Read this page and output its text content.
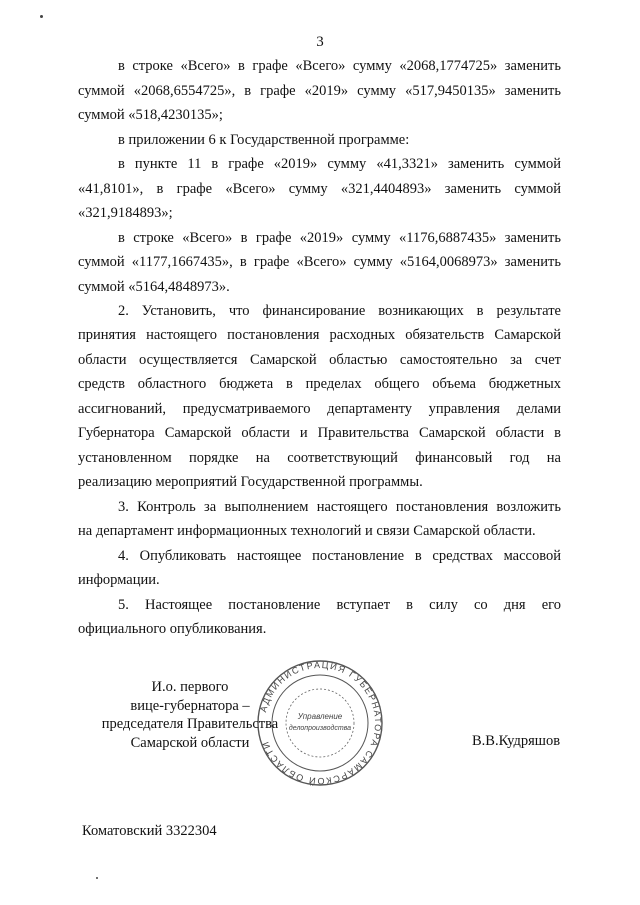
3
в строке «Всего» в графе «Всего» сумму «2068,1774725» заменить
суммой «2068,6554725», в графе «2019» сумму «517,9450135» заменить
суммой «518,4230135»;
в приложении 6 к Государственной программе:
в пункте 11 в графе «2019» сумму «41,3321» заменить суммой
«41,8101», в графе «Всего» сумму «321,4404893» заменить суммой
«321,9184893»;
в строке «Всего» в графе «2019» сумму «1176,6887435» заменить
суммой «1177,1667435», в графе «Всего» сумму «5164,0068973» заменить
суммой «5164,4848973».
2. Установить, что финансирование возникающих в результате
принятия настоящего постановления расходных обязательств Самарской
области осуществляется Самарской областью самостоятельно за счет
средств областного бюджета в пределах общего объема бюджетных
ассигнований, предусматриваемого департаменту управления делами
Губернатора Самарской области и Правительства Самарской области в
установленном порядке на соответствующий финансовый год на
реализацию мероприятий Государственной программы.
3. Контроль за выполнением настоящего постановления возложить
на департамент информационных технологий и связи Самарской области.
4. Опубликовать настоящее постановление в средствах массовой
информации.
5. Настоящее постановление вступает в силу со дня его
официального опубликования.
АДМИНИСТРАЦИЯ ГУБЕРНАТОРА САМАРСКОЙ ОБЛАСТИ
Управление
делопроизводства
И.о. первого
вице-губернатора –
председателя Правительства
Самарской области	В.В.Кудряшов
Коматовский 3322304
